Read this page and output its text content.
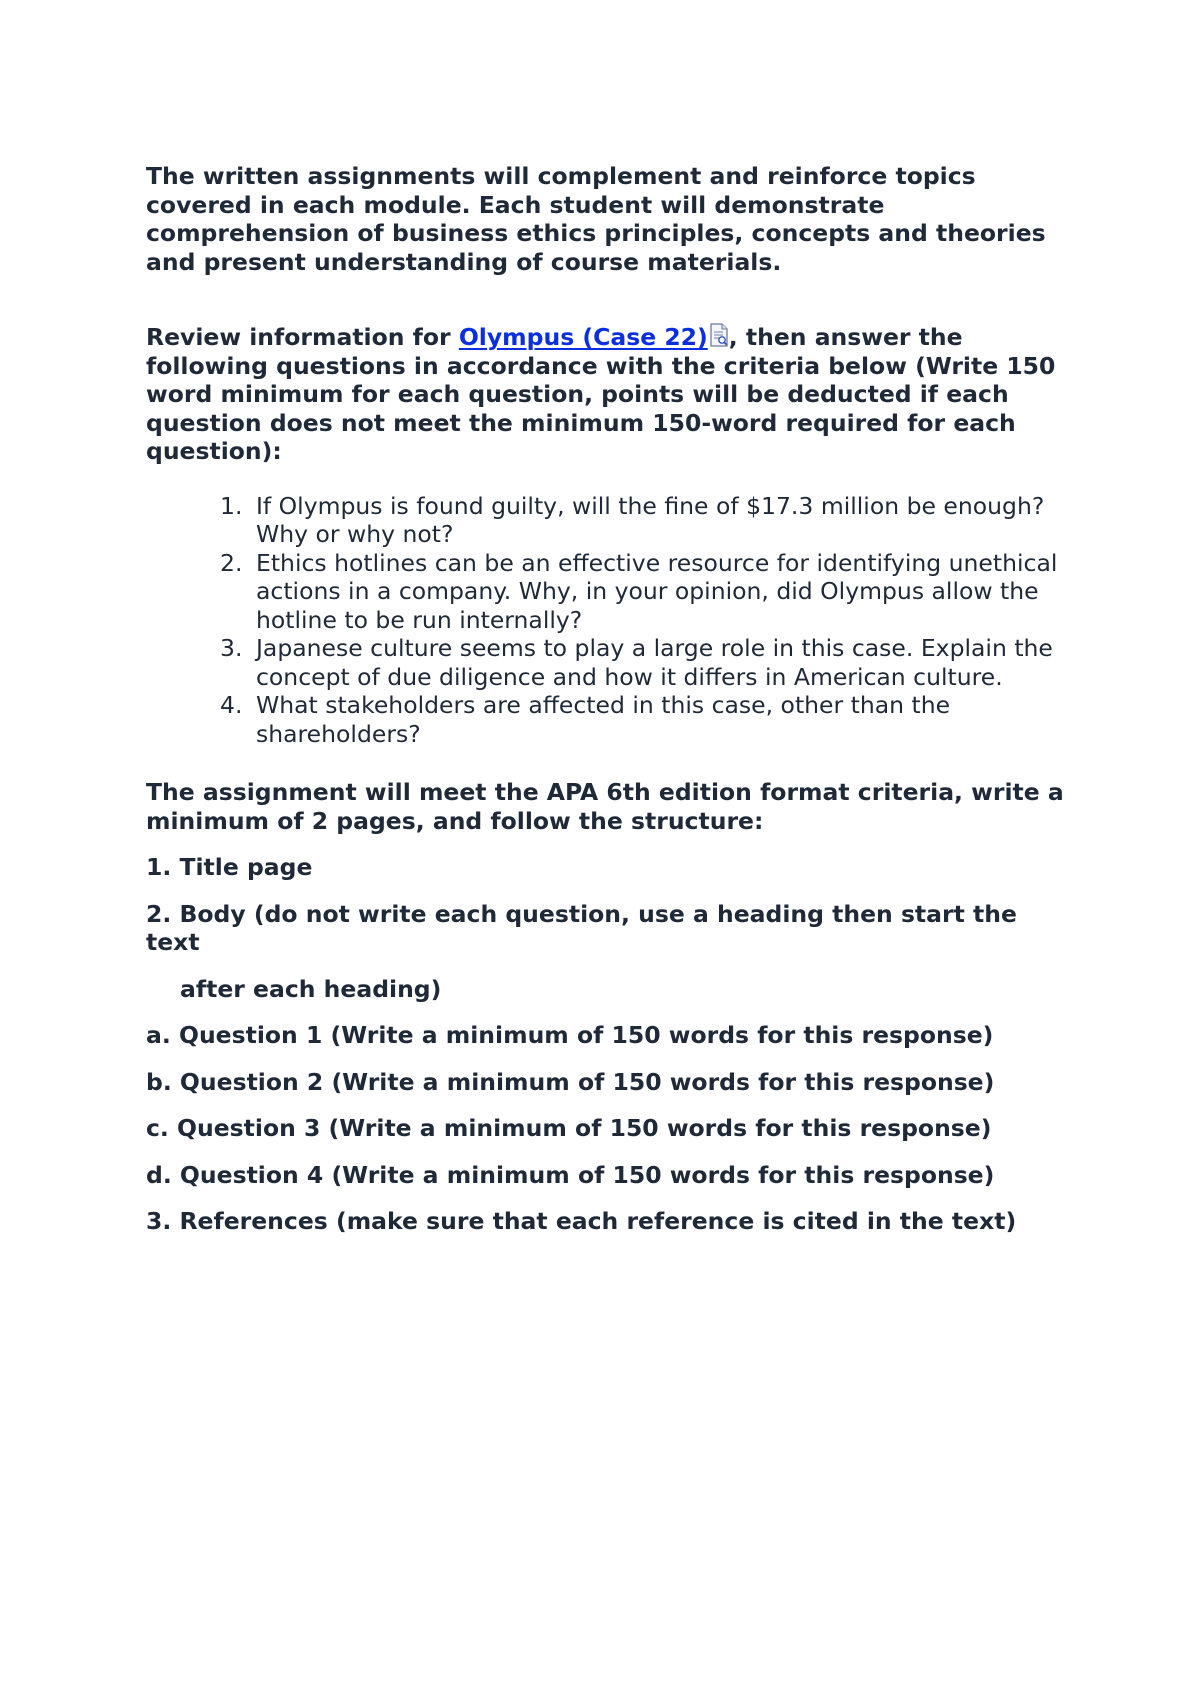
The written assignments will complement and reinforce topics covered in each module. Each student will demonstrate comprehension of business ethics principles, concepts and theories and present understanding of course materials.

Review information for Olympus (Case 22) , then answer the following questions in accordance with the criteria below (Write 150 word minimum for each question, points will be deducted if each question does not meet the minimum 150-word required for each question):

1. If Olympus is found guilty, will the fine of $17.3 million be enough? Why or why not?
2. Ethics hotlines can be an effective resource for identifying unethical actions in a company. Why, in your opinion, did Olympus allow the hotline to be run internally?
3. Japanese culture seems to play a large role in this case. Explain the concept of due diligence and how it differs in American culture.
4. What stakeholders are affected in this case, other than the shareholders?

The assignment will meet the APA 6th edition format criteria, write a minimum of 2 pages, and follow the structure:

1. Title page

2. Body (do not write each question, use a heading then start the text

after each heading)

a. Question 1 (Write a minimum of 150 words for this response)

b. Question 2 (Write a minimum of 150 words for this response)

c. Question 3 (Write a minimum of 150 words for this response)

d. Question 4 (Write a minimum of 150 words for this response)

3. References (make sure that each reference is cited in the text)
